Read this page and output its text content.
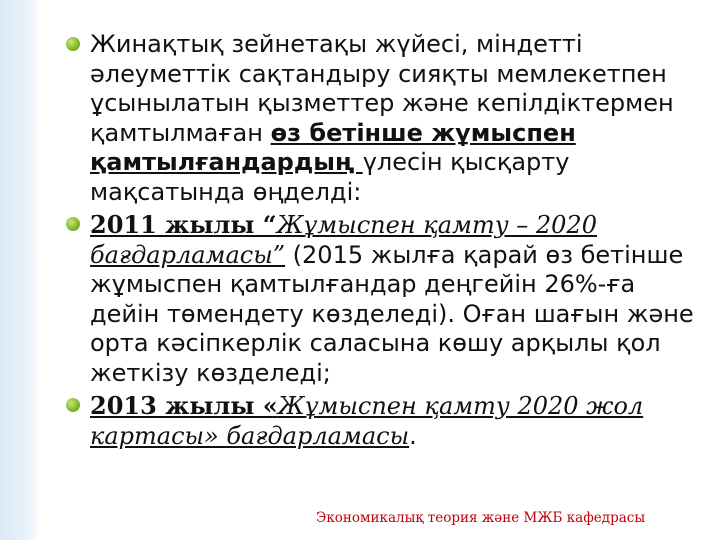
Жинақтық зейнетақы жүйесі, міндетті әлеуметтік сақтандыру сияқты мемлекетпен ұсынылатын қызметтер және кепілдіктермен қамтылмаған өз бетінше жұмыспен қамтылғандардың үлесін қысқарту мақсатында өңделді:
2011 жылы “Жұмыспен қамту – 2020 бағдарламасы” (2015 жылға қарай өз бетінше жұмыспен қамтылғандар деңгейін 26%-ға дейін төмендету көзделеді). Оған шағын және орта кәсіпкерлік саласына көшу арқылы қол жеткізу көзделеді;
2013 жылы «Жұмыспен қамту 2020 жол картасы» бағдарламасы.
Экономикалық теория және МЖБ кафедрасы
